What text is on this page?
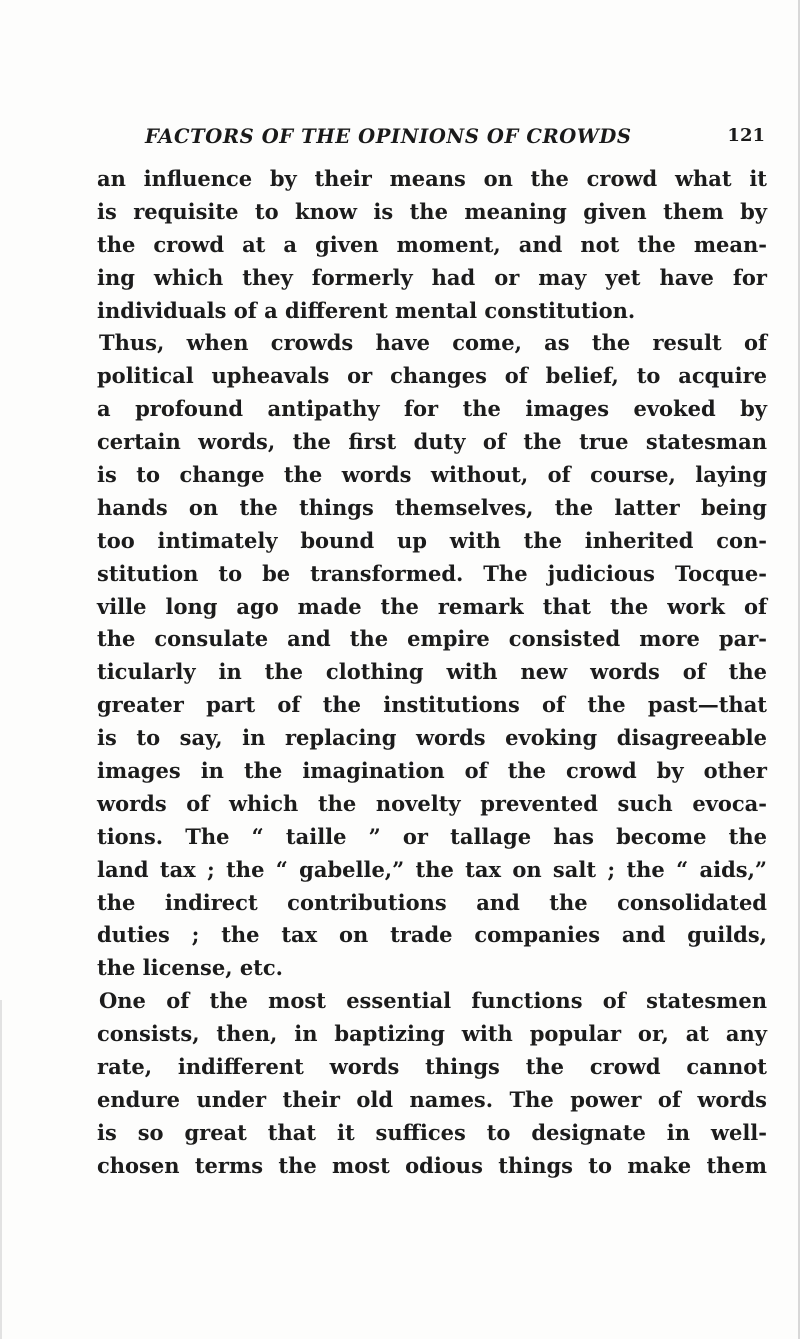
FACTORS OF THE OPINIONS OF CROWDS	121
an influence by their means on the crowd what it
is requisite to know is the meaning given them by
the crowd at a given moment, and not the mean-
ing which they formerly had or may yet have for
individuals of a different mental constitution.
Thus, when crowds have come, as the result of
political upheavals or changes of belief, to acquire
a profound antipathy for the images evoked by
certain words, the first duty of the true statesman
is to change the words without, of course, laying
hands on the things themselves, the latter being
too intimately bound up with the inherited con-
stitution to be transformed. The judicious Tocque-
ville long ago made the remark that the work of
the consulate and the empire consisted more par-
ticularly in the clothing with new words of the
greater part of the institutions of the past—that
is to say, in replacing words evoking disagreeable
images in the imagination of the crowd by other
words of which the novelty prevented such evoca-
tions. The “ taille ” or tallage has become the
land tax ; the “ gabelle,” the tax on salt ; the “ aids,”
the indirect contributions and the consolidated
duties ; the tax on trade companies and guilds,
the license, etc.
One of the most essential functions of statesmen
consists, then, in baptizing with popular or, at any
rate, indifferent words things the crowd cannot
endure under their old names. The power of words
is so great that it suffices to designate in well-
chosen terms the most odious things to make them
